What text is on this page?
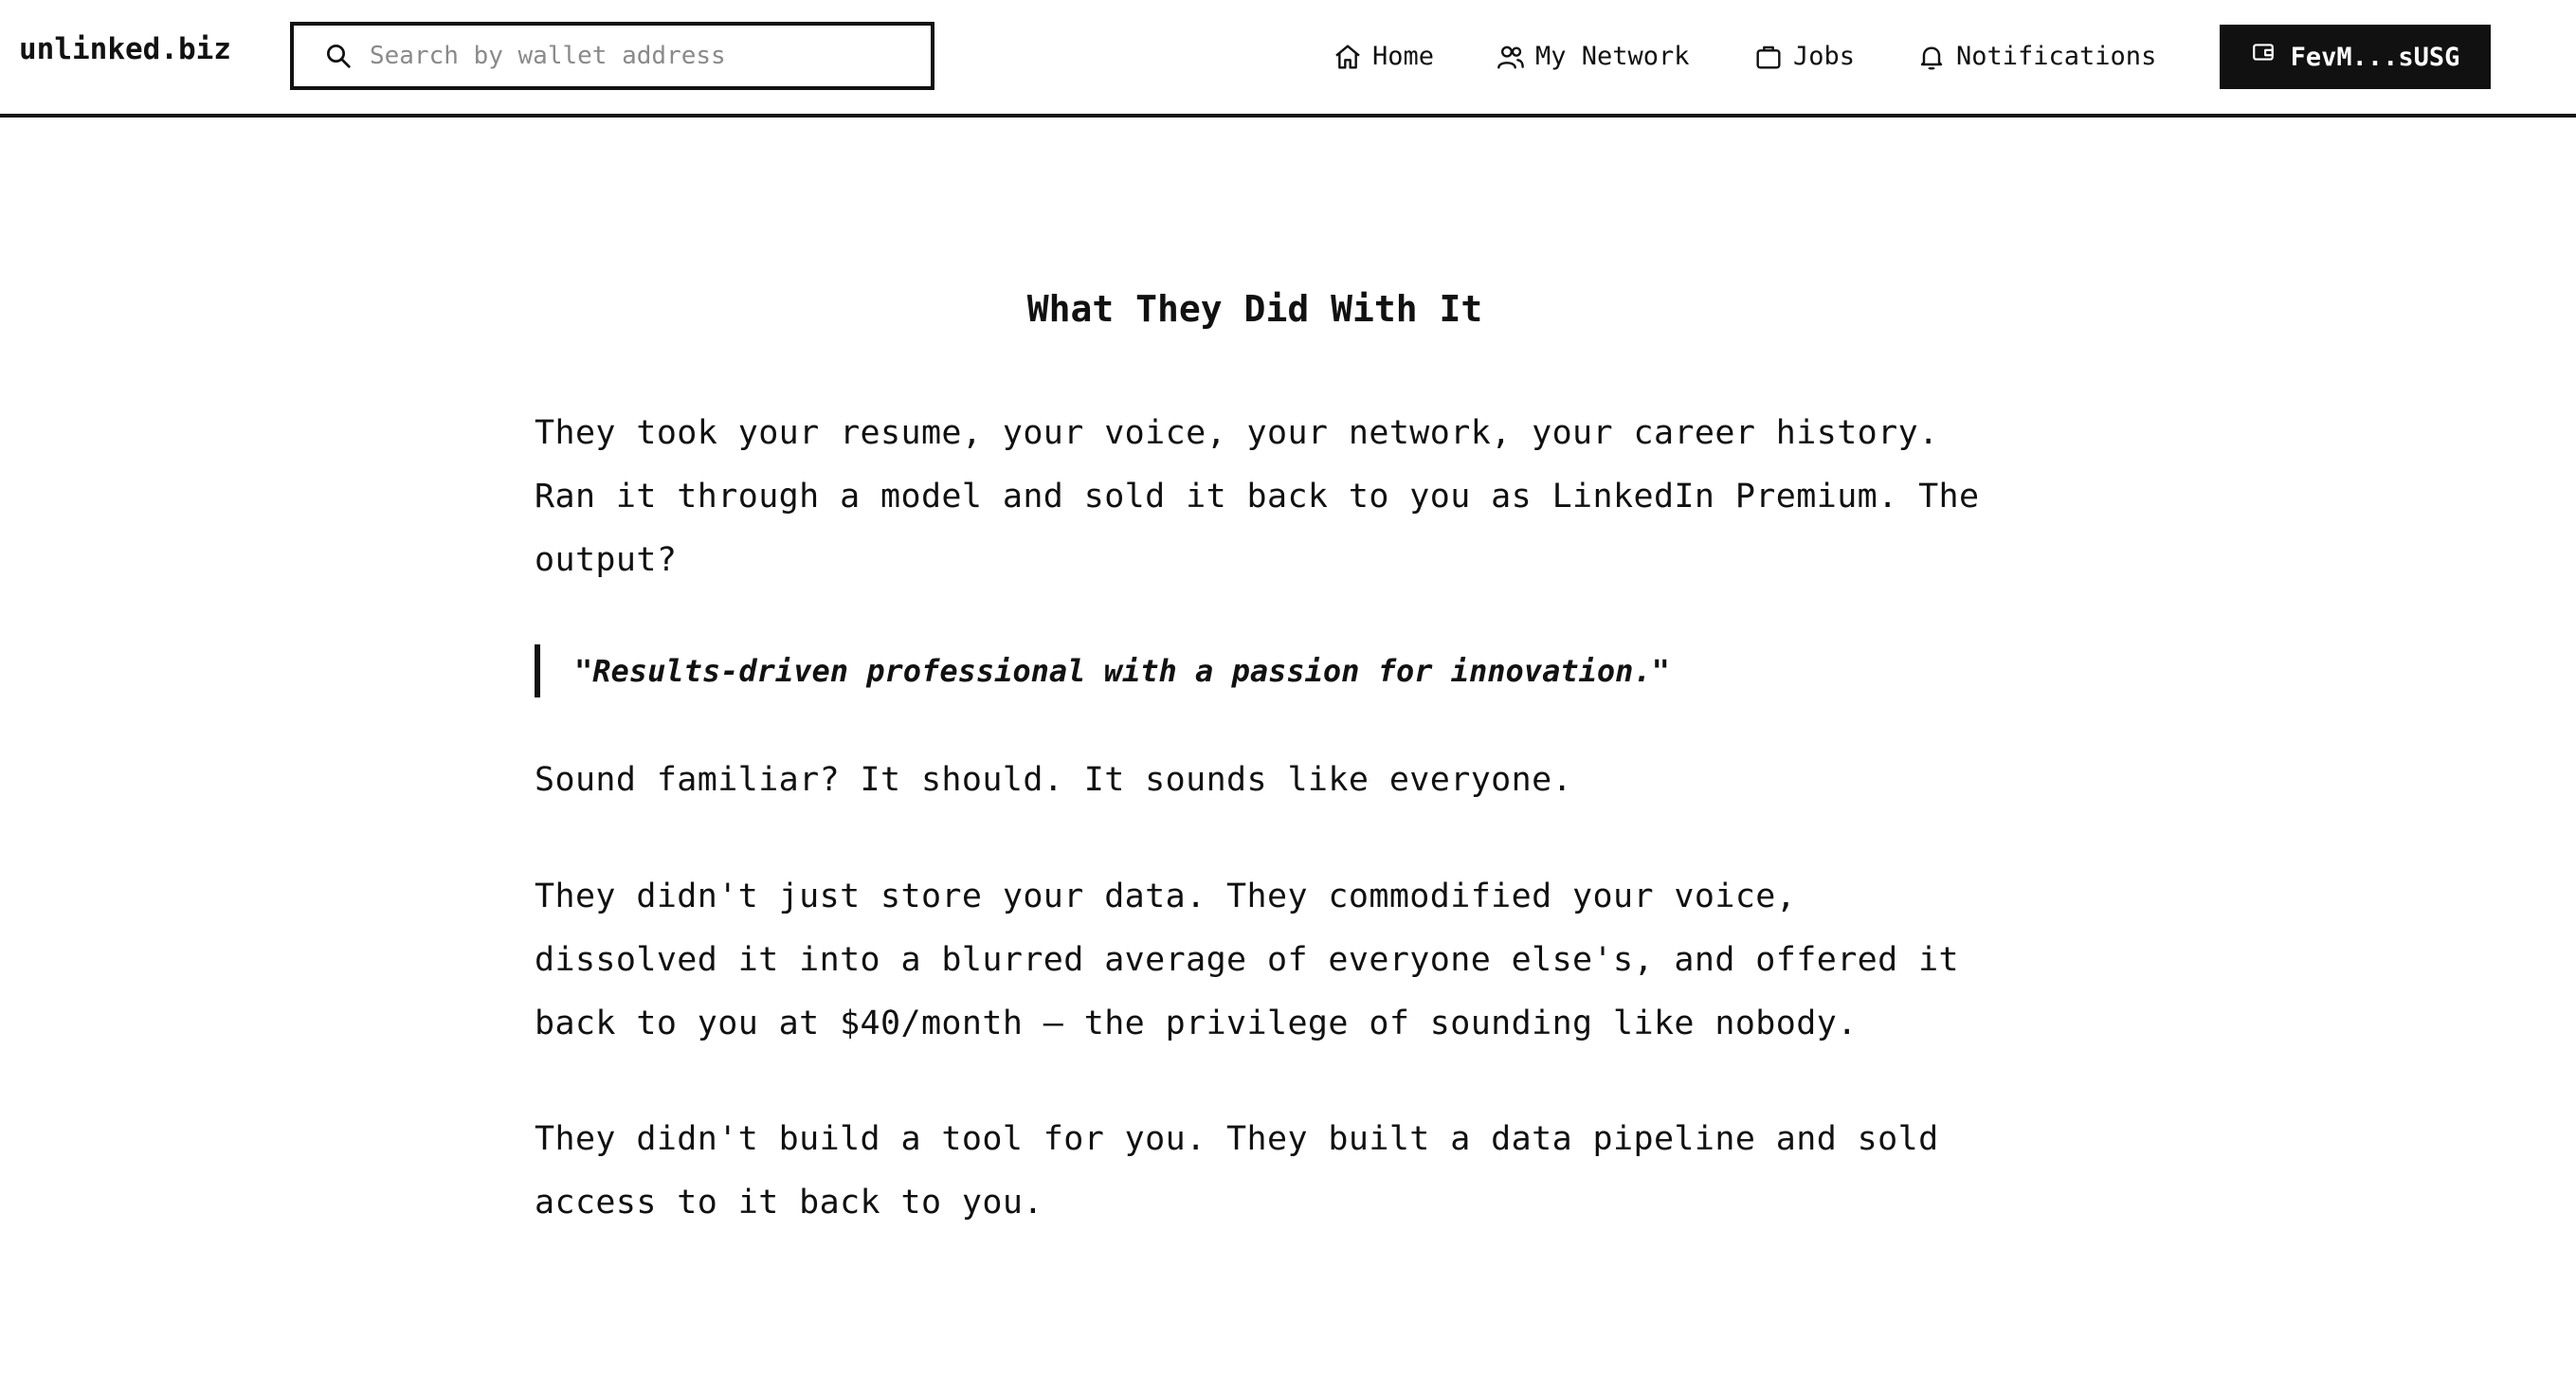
unlinked.biz
Search by wallet address	Home	My Network	Jobs	Notifications	FevM...sUSG
What They Did With It

They took your resume, your voice, your network, your career history. Ran it through a model and sold it back to you as LinkedIn Premium. The output?

"Results-driven professional with a passion for innovation."

Sound familiar? It should. It sounds like everyone.

They didn't just store your data. They commodified your voice, dissolved it into a blurred average of everyone else's, and offered it back to you at $40/month — the privilege of sounding like nobody.

They didn't build a tool for you. They built a data pipeline and sold access to it back to you.
